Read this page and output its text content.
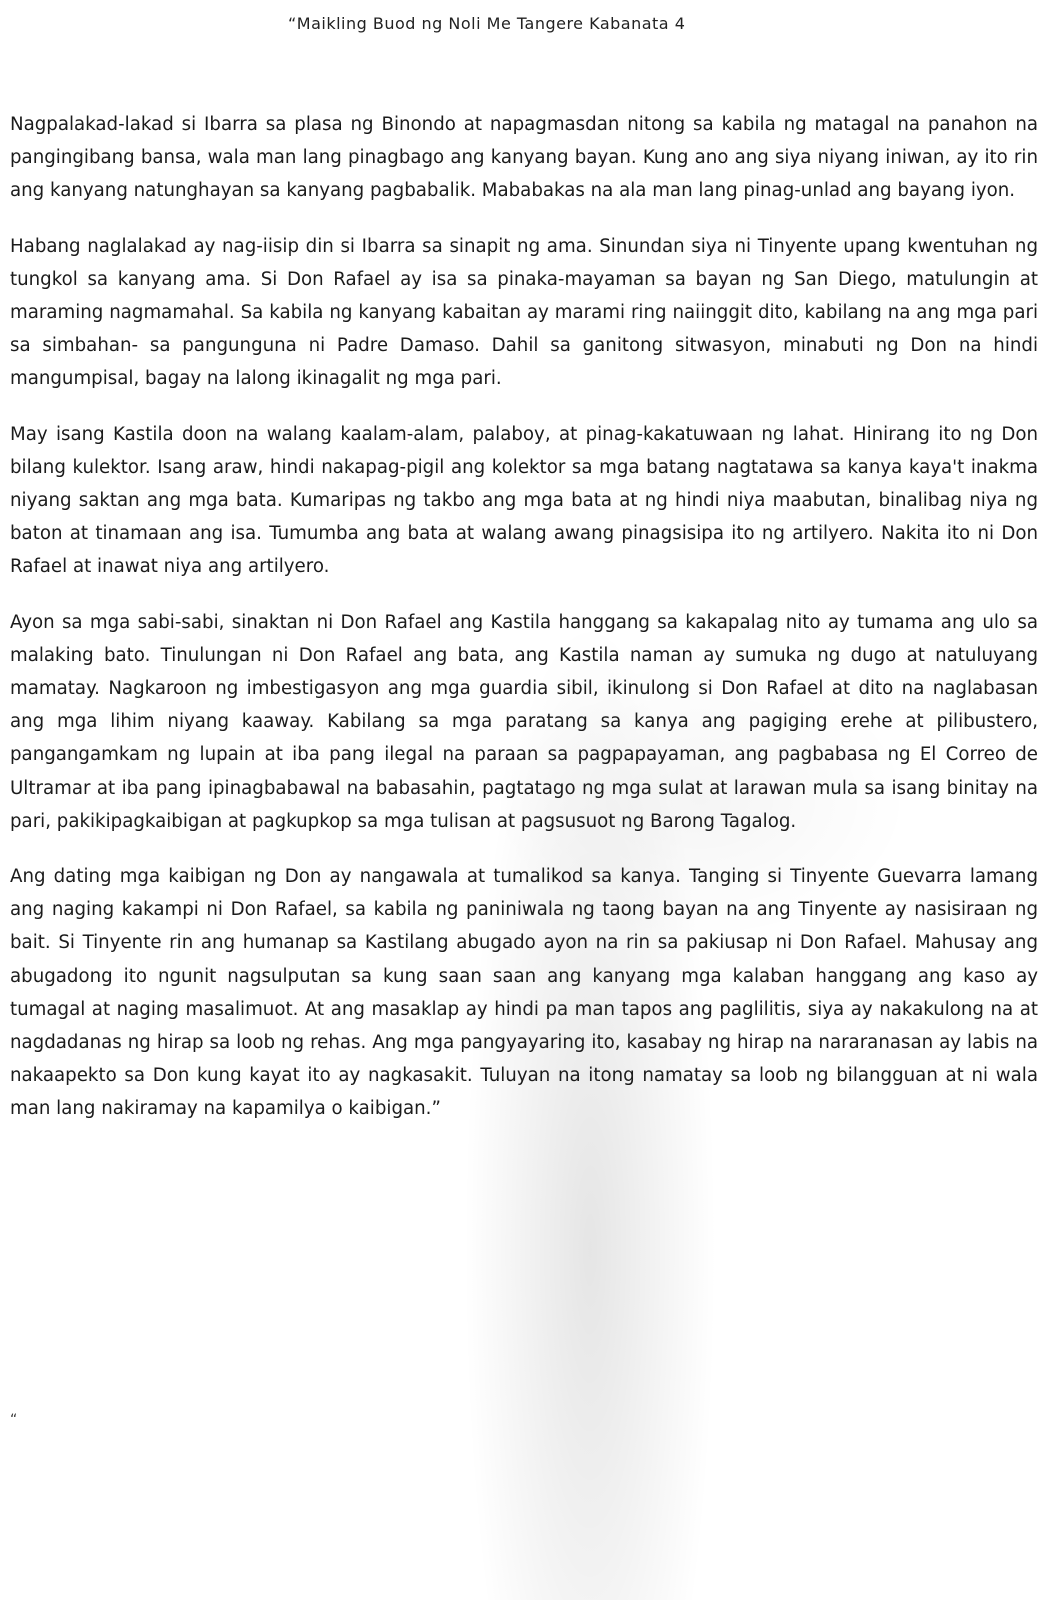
“Maikling Buod ng Noli Me Tangere Kabanata 4

Nagpalakad-lakad si Ibarra sa plasa ng Binondo at napagmasdan nitong sa kabila ng matagal na panahon na pangingibang bansa, wala man lang pinagbago ang kanyang bayan. Kung ano ang siya niyang iniwan, ay ito rin ang kanyang natunghayan sa kanyang pagbabalik. Mababakas na ala man lang pinag-unlad ang bayang iyon.

Habang naglalakad ay nag-iisip din si Ibarra sa sinapit ng ama. Sinundan siya ni Tinyente upang kwentuhan ng tungkol sa kanyang ama. Si Don Rafael ay isa sa pinaka-mayaman sa bayan ng San Diego, matulungin at maraming nagmamahal. Sa kabila ng kanyang kabaitan ay marami ring naiinggit dito, kabilang na ang mga pari sa simbahan- sa pangunguna ni Padre Damaso. Dahil sa ganitong sitwasyon, minabuti ng Don na hindi mangumpisal, bagay na lalong ikinagalit ng mga pari.

May isang Kastila doon na walang kaalam-alam, palaboy, at pinag-kakatuwaan ng lahat. Hinirang ito ng Don bilang kulektor. Isang araw, hindi nakapag-pigil ang kolektor sa mga batang nagtatawa sa kanya kaya't inakma niyang saktan ang mga bata. Kumaripas ng takbo ang mga bata at ng hindi niya maabutan, binalibag niya ng baton at tinamaan ang isa. Tumumba ang bata at walang awang pinagsisipa ito ng artilyero. Nakita ito ni Don Rafael at inawat niya ang artilyero.

Ayon sa mga sabi-sabi, sinaktan ni Don Rafael ang Kastila hanggang sa kakapalag nito ay tumama ang ulo sa malaking bato. Tinulungan ni Don Rafael ang bata, ang Kastila naman ay sumuka ng dugo at natuluyang mamatay. Nagkaroon ng imbestigasyon ang mga guardia sibil, ikinulong si Don Rafael at dito na naglabasan ang mga lihim niyang kaaway. Kabilang sa mga paratang sa kanya ang pagiging erehe at pilibustero, pangangamkam ng lupain at iba pang ilegal na paraan sa pagpapayaman, ang pagbabasa ng El Correo de Ultramar at iba pang ipinagbabawal na babasahin, pagtatago ng mga sulat at larawan mula sa isang binitay na pari, pakikipagkaibigan at pagkupkop sa mga tulisan at pagsusuot ng Barong Tagalog.

Ang dating mga kaibigan ng Don ay nangawala at tumalikod sa kanya. Tanging si Tinyente Guevarra lamang ang naging kakampi ni Don Rafael, sa kabila ng paniniwala ng taong bayan na ang Tinyente ay nasisiraan ng bait. Si Tinyente rin ang humanap sa Kastilang abugado ayon na rin sa pakiusap ni Don Rafael. Mahusay ang abugadong ito ngunit nagsulputan sa kung saan saan ang kanyang mga kalaban hanggang ang kaso ay tumagal at naging masalimuot. At ang masaklap ay hindi pa man tapos ang paglilitis, siya ay nakakulong na at nagdadanas ng hirap sa loob ng rehas. Ang mga pangyayaring ito, kasabay ng hirap na nararanasan ay labis na nakaapekto sa Don kung kayat ito ay nagkasakit. Tuluyan na itong namatay sa loob ng bilangguan at ni wala man lang nakiramay na kapamilya o kaibigan.”

“
